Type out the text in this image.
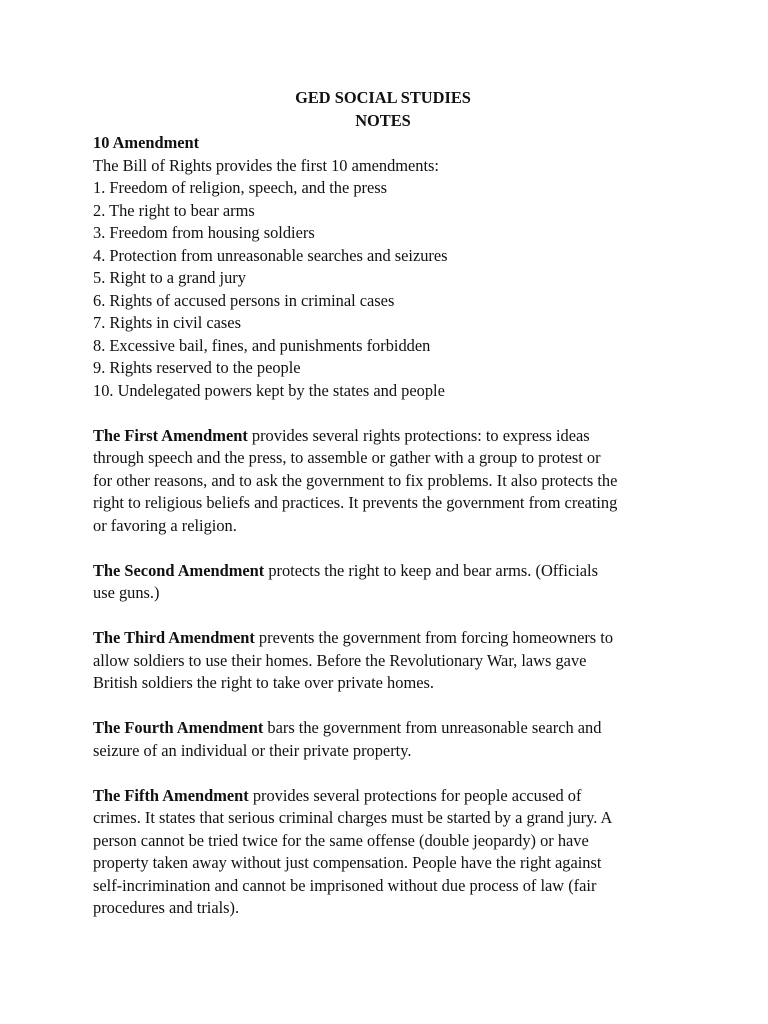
GED SOCIAL STUDIES
NOTES
10 Amendment
The Bill of Rights provides the first 10 amendments:
1. Freedom of religion, speech, and the press
2. The right to bear arms
3. Freedom from housing soldiers
4. Protection from unreasonable searches and seizures
5. Right to a grand jury
6. Rights of accused persons in criminal cases
7. Rights in civil cases
8. Excessive bail, fines, and punishments forbidden
9. Rights reserved to the people
10. Undelegated powers kept by the states and people
The First Amendment provides several rights protections: to express ideas
through speech and the press, to assemble or gather with a group to protest or
for other reasons, and to ask the government to fix problems. It also protects the
right to religious beliefs and practices. It prevents the government from creating
or favoring a religion.
The Second Amendment protects the right to keep and bear arms. (Officials
use guns.)
The Third Amendment prevents the government from forcing homeowners to
allow soldiers to use their homes. Before the Revolutionary War, laws gave
British soldiers the right to take over private homes.
The Fourth Amendment bars the government from unreasonable search and
seizure of an individual or their private property.
The Fifth Amendment provides several protections for people accused of
crimes. It states that serious criminal charges must be started by a grand jury. A
person cannot be tried twice for the same offense (double jeopardy) or have
property taken away without just compensation. People have the right against
self-incrimination and cannot be imprisoned without due process of law (fair
procedures and trials).
